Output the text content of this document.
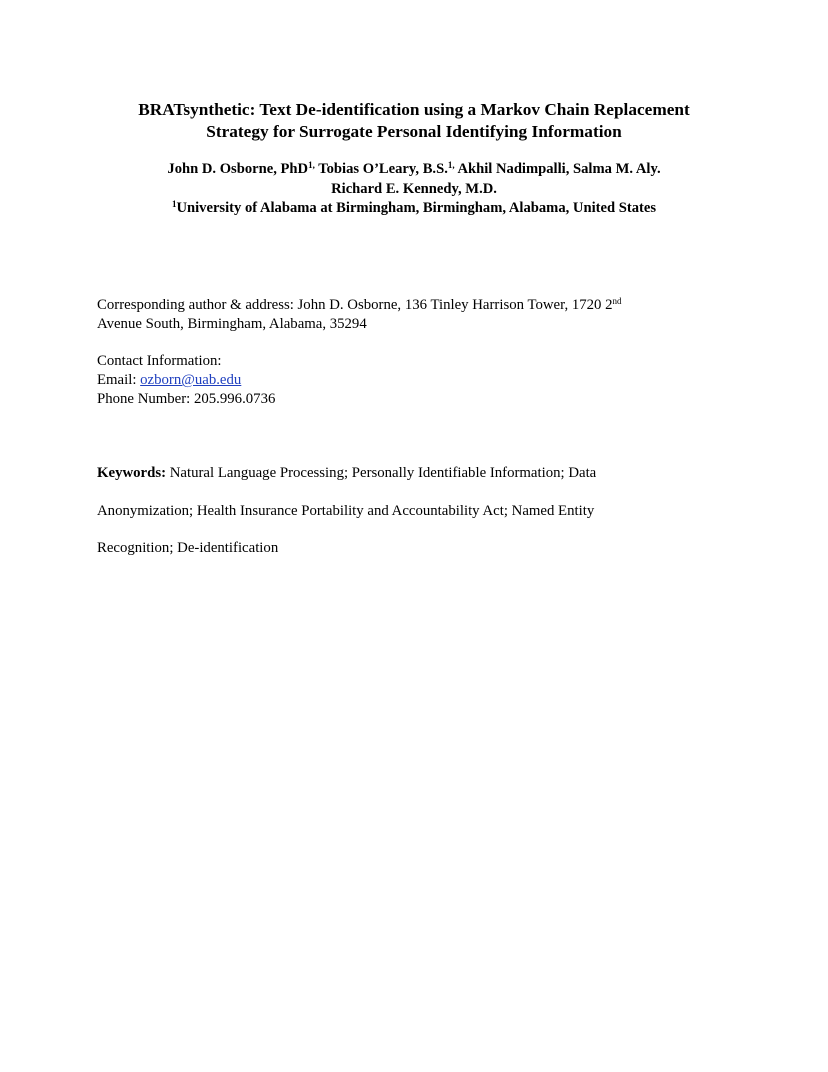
BRATsynthetic: Text De-identification using a Markov Chain Replacement
Strategy for Surrogate Personal Identifying Information
John D. Osborne, PhD$^{1,}$ Tobias O’Leary, B.S.$^{1,}$ Akhil Nadimpalli, Salma M. Aly.
Richard E. Kennedy, M.D.
$^1$University of Alabama at Birmingham, Birmingham, Alabama, United States
Corresponding author & address: John D. Osborne, 136 Tinley Harrison Tower, 1720 2nd
Avenue South, Birmingham, Alabama, 35294
Contact Information:
Email: ozborn@uab.edu
Phone Number: 205.996.0736
Keywords: Natural Language Processing; Personally Identifiable Information; Data
Anonymization; Health Insurance Portability and Accountability Act; Named Entity
Recognition; De-identification
